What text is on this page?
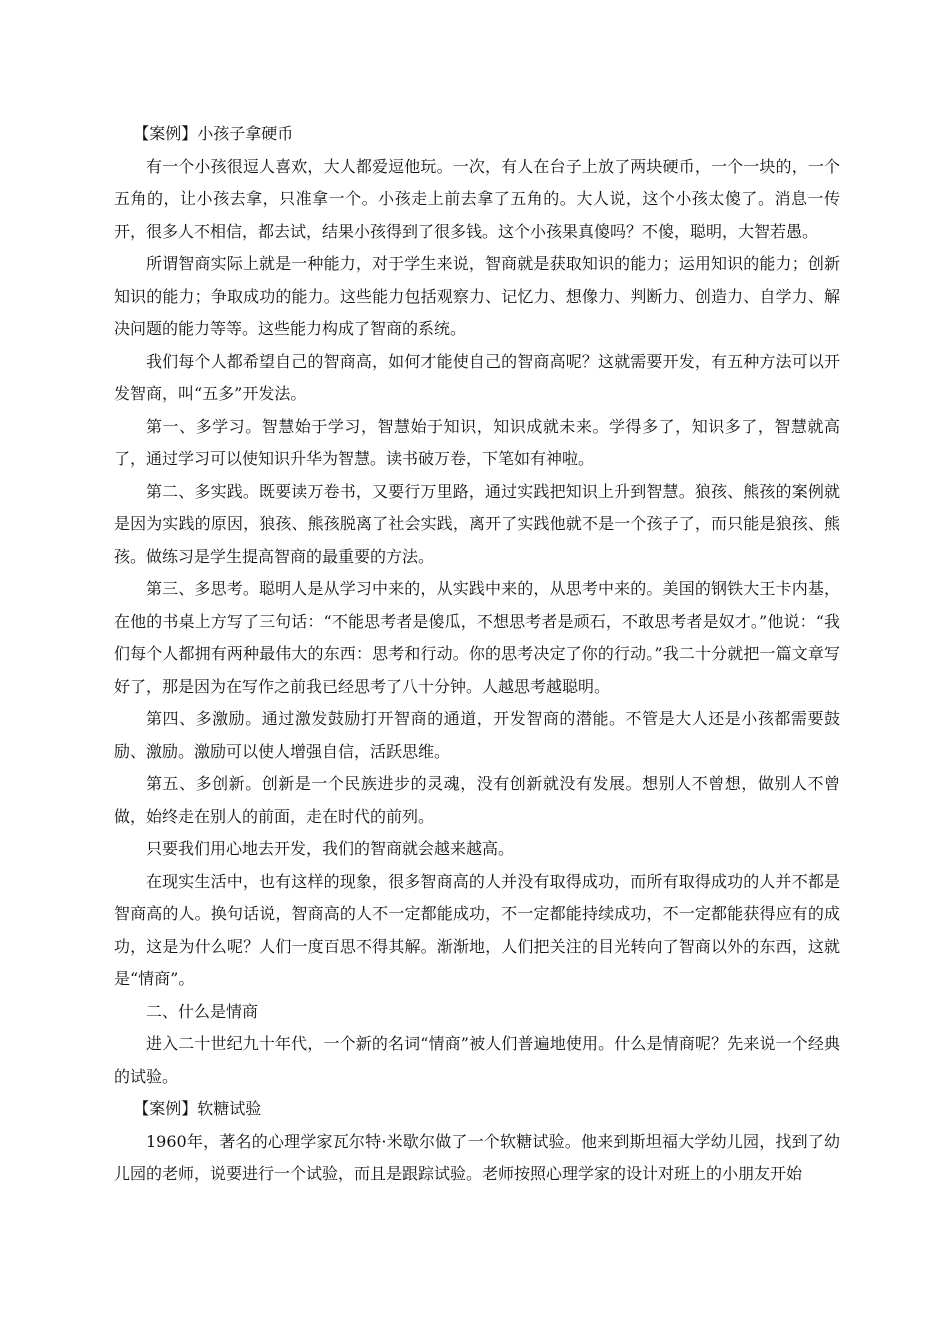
【案例】小孩子拿硬币

有一个小孩很逗人喜欢，大人都爱逗他玩。一次，有人在台子上放了两块硬币，一个一块的，一个五角的，让小孩去拿，只准拿一个。小孩走上前去拿了五角的。大人说，这个小孩太傻了。消息一传开，很多人不相信，都去试，结果小孩得到了很多钱。这个小孩果真傻吗？不傻，聪明，大智若愚。

所谓智商实际上就是一种能力，对于学生来说，智商就是获取知识的能力；运用知识的能力；创新知识的能力；争取成功的能力。这些能力包括观察力、记忆力、想像力、判断力、创造力、自学力、解决问题的能力等等。这些能力构成了智商的系统。

我们每个人都希望自己的智商高，如何才能使自己的智商高呢？这就需要开发，有五种方法可以开发智商，叫“五多”开发法。

第一、多学习。智慧始于学习，智慧始于知识，知识成就未来。学得多了，知识多了，智慧就高了，通过学习可以使知识升华为智慧。读书破万卷，下笔如有神啦。

第二、多实践。既要读万卷书，又要行万里路，通过实践把知识上升到智慧。狼孩、熊孩的案例就是因为实践的原因，狼孩、熊孩脱离了社会实践，离开了实践他就不是一个孩子了，而只能是狼孩、熊孩。做练习是学生提高智商的最重要的方法。

第三、多思考。聪明人是从学习中来的，从实践中来的，从思考中来的。美国的钢铁大王卡内基，在他的书桌上方写了三句话：“不能思考者是傻瓜，不想思考者是顽石，不敢思考者是奴才。”他说：“我们每个人都拥有两种最伟大的东西：思考和行动。你的思考决定了你的行动。”我二十分就把一篇文章写好了，那是因为在写作之前我已经思考了八十分钟。人越思考越聪明。

第四、多激励。通过激发鼓励打开智商的通道，开发智商的潜能。不管是大人还是小孩都需要鼓励、激励。激励可以使人增强自信，活跃思维。

第五、多创新。创新是一个民族进步的灵魂，没有创新就没有发展。想别人不曾想，做别人不曾做，始终走在别人的前面，走在时代的前列。

只要我们用心地去开发，我们的智商就会越来越高。

在现实生活中，也有这样的现象，很多智商高的人并没有取得成功，而所有取得成功的人并不都是智商高的人。换句话说，智商高的人不一定都能成功，不一定都能持续成功，不一定都能获得应有的成功，这是为什么呢？人们一度百思不得其解。渐渐地，人们把关注的目光转向了智商以外的东西，这就是“情商”。

二、什么是情商

进入二十世纪九十年代，一个新的名词“情商”被人们普遍地使用。什么是情商呢？先来说一个经典的试验。

【案例】软糖试验

1960年，著名的心理学家瓦尔特·米歇尔做了一个软糖试验。他来到斯坦福大学幼儿园，找到了幼儿园的老师，说要进行一个试验，而且是跟踪试验。老师按照心理学家的设计对班上的小朋友开始
